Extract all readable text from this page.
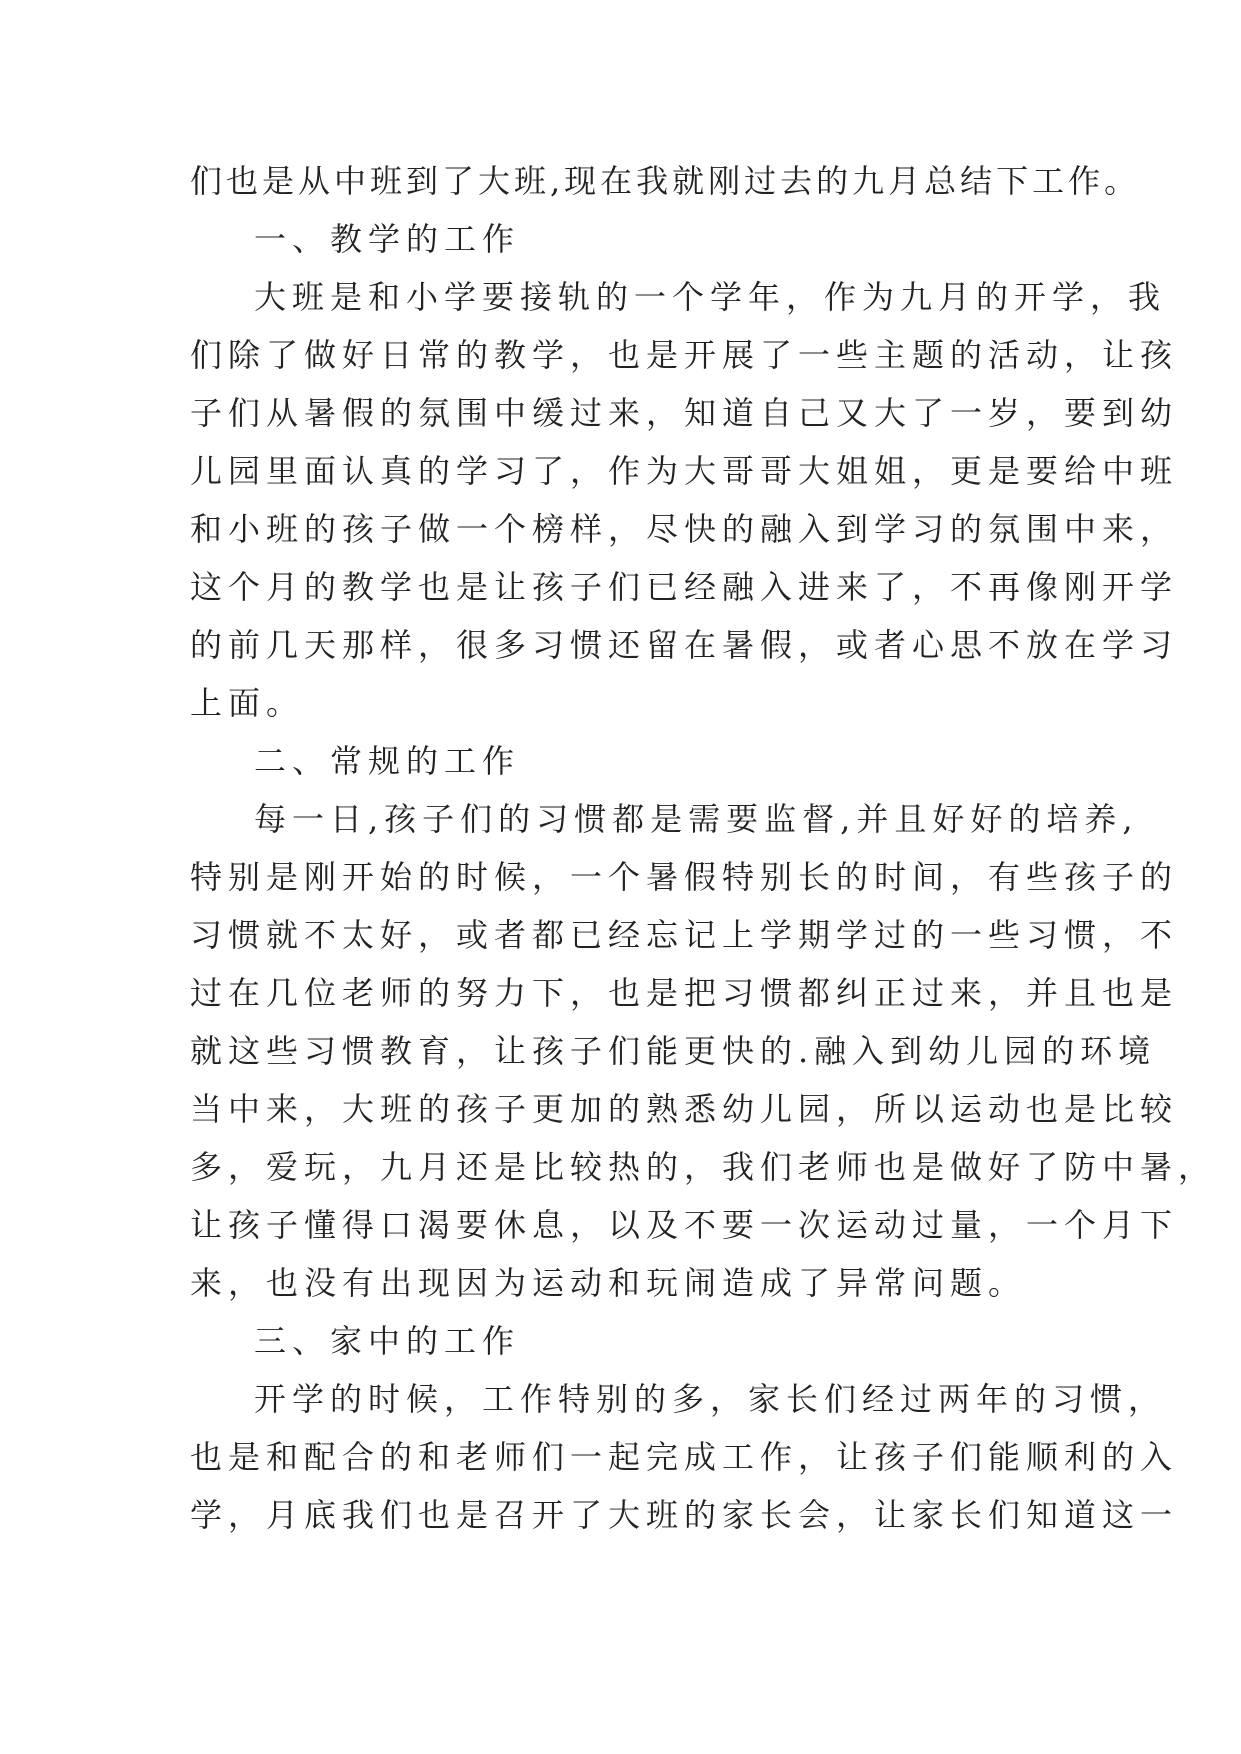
们也是从中班到了大班,现在我就刚过去的九月总结下工作。
一、教学的工作
大班是和小学要接轨的一个学年，作为九月的开学，我
们除了做好日常的教学，也是开展了一些主题的活动，让孩
子们从暑假的氛围中缓过来，知道自己又大了一岁，要到幼
儿园里面认真的学习了，作为大哥哥大姐姐，更是要给中班
和小班的孩子做一个榜样，尽快的融入到学习的氛围中来，
这个月的教学也是让孩子们已经融入进来了，不再像刚开学
的前几天那样，很多习惯还留在暑假，或者心思不放在学习
上面。
二、常规的工作
每一日,孩子们的习惯都是需要监督,并且好好的培养,
特别是刚开始的时候，一个暑假特别长的时间，有些孩子的
习惯就不太好，或者都已经忘记上学期学过的一些习惯，不
过在几位老师的努力下，也是把习惯都纠正过来，并且也是
就这些习惯教育，让孩子们能更快的.融入到幼儿园的环境
当中来，大班的孩子更加的熟悉幼儿园，所以运动也是比较
多，爱玩，九月还是比较热的，我们老师也是做好了防中暑，
让孩子懂得口渴要休息，以及不要一次运动过量，一个月下
来，也没有出现因为运动和玩闹造成了异常问题。
三、家中的工作
开学的时候，工作特别的多，家长们经过两年的习惯，
也是和配合的和老师们一起完成工作，让孩子们能顺利的入
学，月底我们也是召开了大班的家长会，让家长们知道这一
